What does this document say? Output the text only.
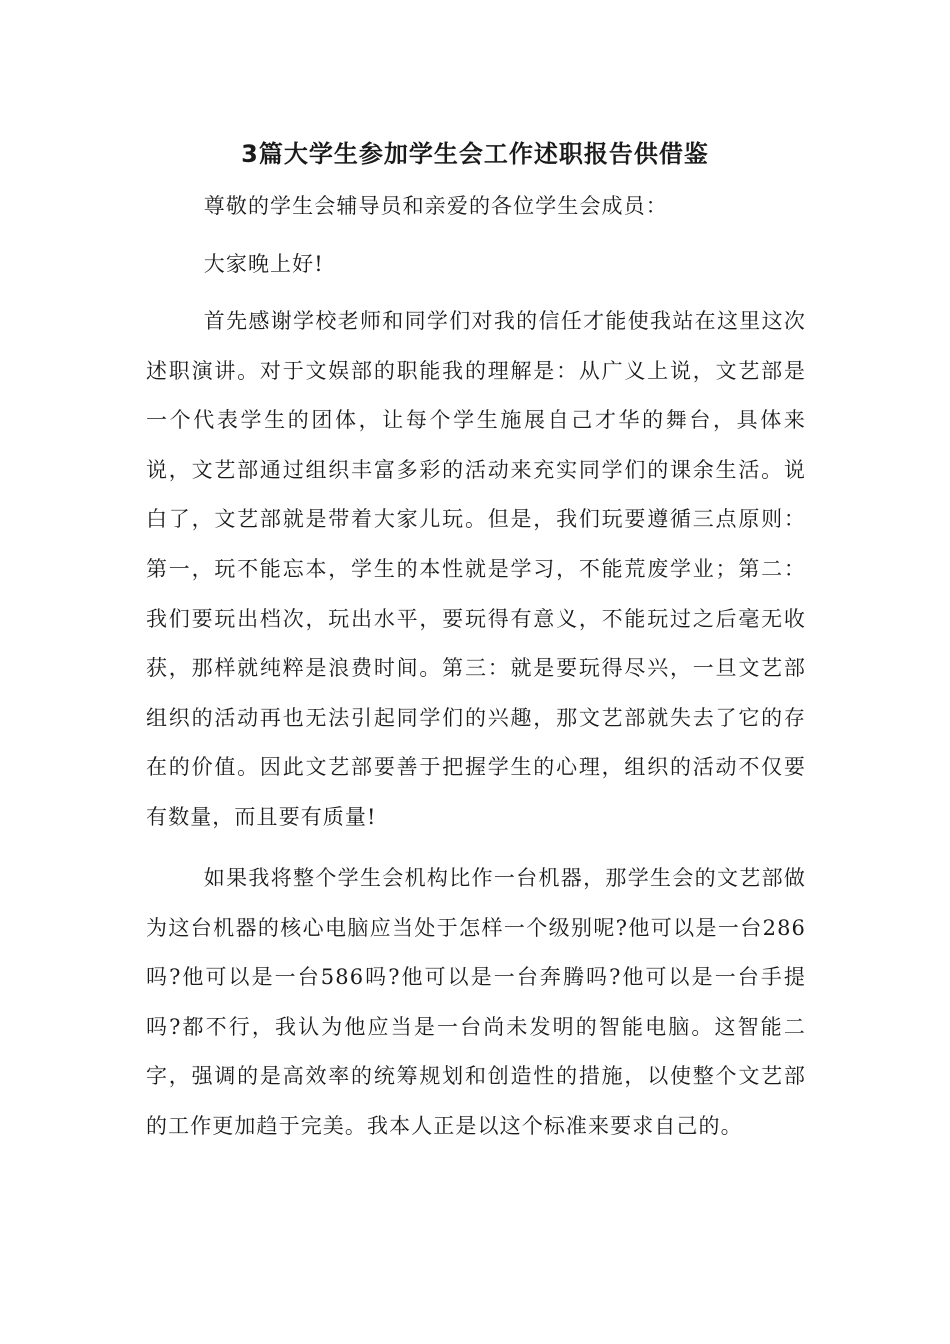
3篇大学生参加学生会工作述职报告供借鉴

尊敬的学生会辅导员和亲爱的各位学生会成员：

大家晚上好!

首先感谢学校老师和同学们对我的信任才能使我站在这里这次述职演讲。对于文娱部的职能我的理解是：从广义上说，文艺部是一个代表学生的团体，让每个学生施展自己才华的舞台，具体来说，文艺部通过组织丰富多彩的活动来充实同学们的课余生活。说白了，文艺部就是带着大家儿玩。但是，我们玩要遵循三点原则：第一，玩不能忘本，学生的本性就是学习，不能荒废学业；第二：我们要玩出档次，玩出水平，要玩得有意义，不能玩过之后毫无收获，那样就纯粹是浪费时间。第三：就是要玩得尽兴，一旦文艺部组织的活动再也无法引起同学们的兴趣，那文艺部就失去了它的存在的价值。因此文艺部要善于把握学生的心理，组织的活动不仅要有数量，而且要有质量!

如果我将整个学生会机构比作一台机器，那学生会的文艺部做为这台机器的核心电脑应当处于怎样一个级别呢?他可以是一台286吗?他可以是一台586吗?他可以是一台奔腾吗?他可以是一台手提吗?都不行，我认为他应当是一台尚未发明的智能电脑。这智能二字，强调的是高效率的统筹规划和创造性的措施，以使整个文艺部的工作更加趋于完美。我本人正是以这个标准来要求自己的。
